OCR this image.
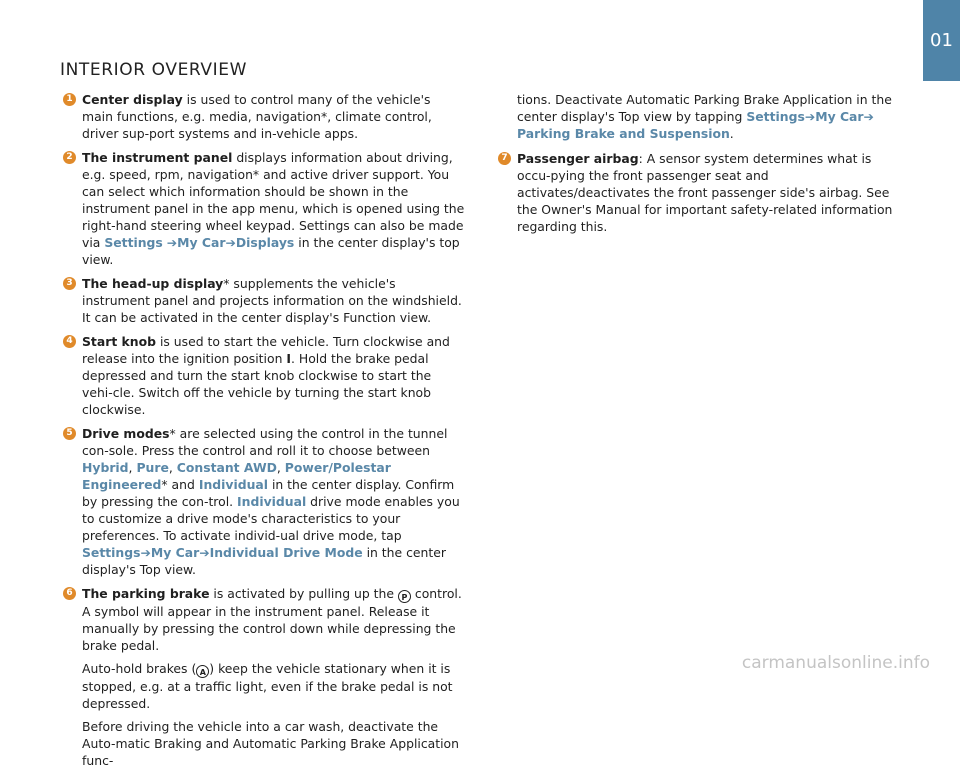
01
INTERIOR OVERVIEW
1 Center display is used to control many of the vehicle's main functions, e.g. media, navigation*, climate control, driver sup-port systems and in-vehicle apps.
2 The instrument panel displays information about driving, e.g. speed, rpm, navigation* and active driver support. You can select which information should be shown in the instrument panel in the app menu, which is opened using the right-hand steering wheel keypad. Settings can also be made via Settings ➔My Car➔Displays in the center display's top view.
3 The head-up display* supplements the vehicle's instrument panel and projects information on the windshield. It can be activated in the center display's Function view.
4 Start knob is used to start the vehicle. Turn clockwise and release into the ignition position I. Hold the brake pedal depressed and turn the start knob clockwise to start the vehi-cle. Switch off the vehicle by turning the start knob clockwise.
5 Drive modes* are selected using the control in the tunnel con-sole. Press the control and roll it to choose between Hybrid, Pure, Constant AWD, Power/Polestar Engineered* and Individual in the center display. Confirm by pressing the con-trol. Individual drive mode enables you to customize a drive mode's characteristics to your preferences. To activate individ-ual drive mode, tap Settings➔My Car➔Individual Drive Mode in the center display's Top view.
6 The parking brake is activated by pulling up the P control. A symbol will appear in the instrument panel. Release it manually by pressing the control down while depressing the brake pedal.
Auto-hold brakes ( A ) keep the vehicle stationary when it is stopped, e.g. at a traffic light, even if the brake pedal is not depressed.
Before driving the vehicle into a car wash, deactivate the Auto-matic Braking and Automatic Parking Brake Application func-
tions. Deactivate Automatic Parking Brake Application in the center display's Top view by tapping Settings➔My Car➔ Parking Brake and Suspension.
7 Passenger airbag: A sensor system determines what is occu-pying the front passenger seat and activates/deactivates the front passenger side's airbag. See the Owner's Manual for important safety-related information regarding this.
carmanualsonline.info
